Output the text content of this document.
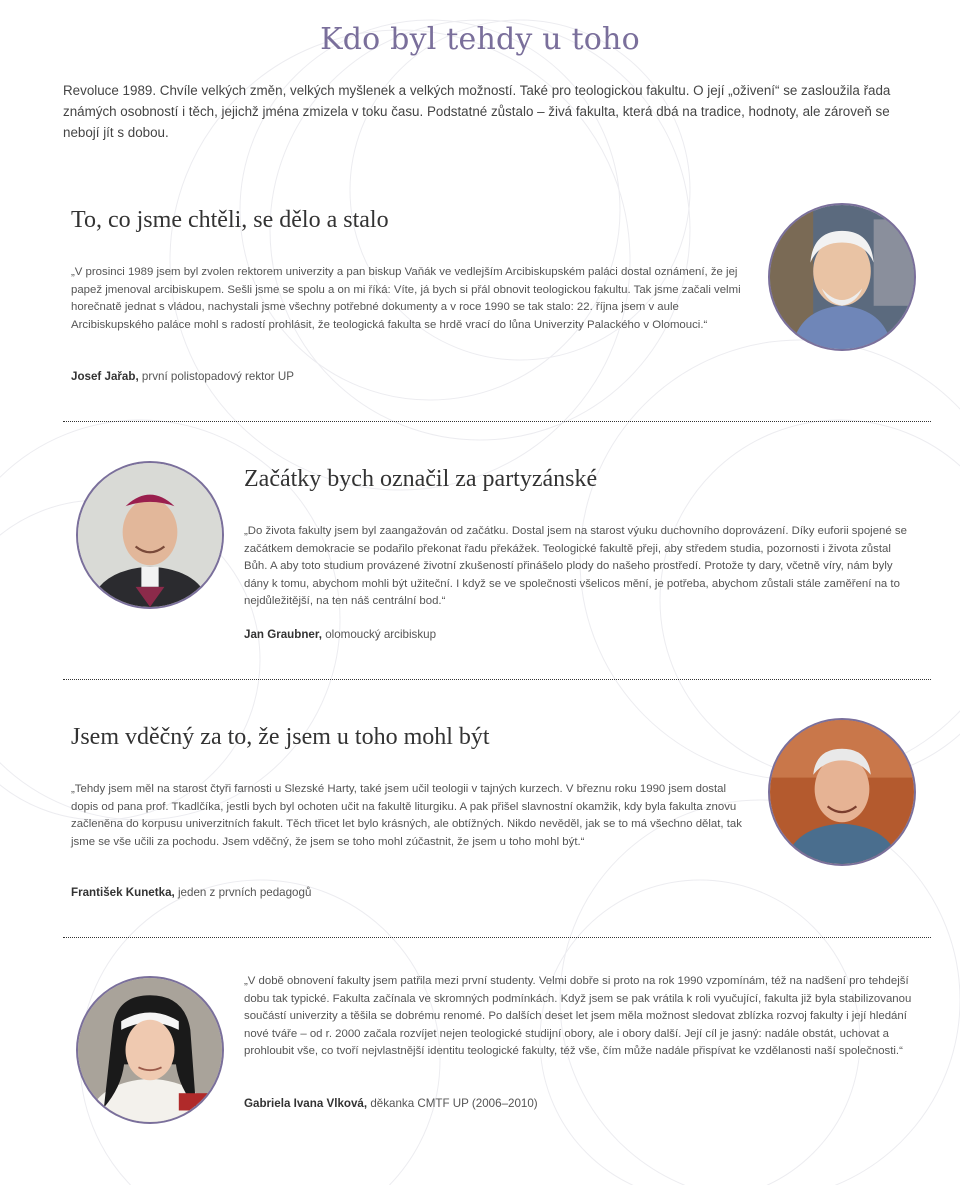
Kdo byl tehdy u toho

Revoluce 1989. Chvíle velkých změn, velkých myšlenek a velkých možností. Také pro teologickou fakultu. O její „oživení“ se zasloužila řada známých osobností i těch, jejichž jména zmizela v toku času. Podstatné zůstalo – živá fakulta, která dbá na tradice, hodnoty, ale zároveň se nebojí jít s dobou.

To, co jsme chtěli, se dělo a stalo

„V prosinci 1989 jsem byl zvolen rektorem univerzity a pan biskup Vaňák ve vedlejším Arcibiskupském paláci dostal oznámení, že jej papež jmenoval arcibiskupem. Sešli jsme se spolu a on mi říká: Víte, já bych si přál obnovit teologickou fakultu. Tak jsme začali velmi horečnatě jednat s vládou, nachystali jsme všechny potřebné dokumenty a v roce 1990 se tak stalo: 22. října jsem v aule Arcibiskupského paláce mohl s radostí prohlásit, že teologická fakulta se hrdě vrací do lůna Univerzity Palackého v Olomouci.“

Josef Jařab, první polistopadový rektor UP
Začátky bych označil za partyzánské

„Do života fakulty jsem byl zaangažován od začátku. Dostal jsem na starost výuku duchovního doprovázení. Díky euforii spojené se začátkem demokracie se podařilo překonat řadu překážek. Teologické fakultě přeji, aby středem studia, pozornosti i života zůstal Bůh. A aby toto studium provázené životní zkušeností přinášelo plody do našeho prostředí. Protože ty dary, včetně víry, nám byly dány k tomu, abychom mohli být užiteční. I když se ve společnosti všelicos mění, je potřeba, abychom zůstali stále zaměření na to nejdůležitější, na ten náš centrální bod.“

Jan Graubner, olomoucký arcibiskup
Jsem vděčný za to, že jsem u toho mohl být

„Tehdy jsem měl na starost čtyři farnosti u Slezské Harty, také jsem učil teologii v tajných kurzech. V březnu roku 1990 jsem dostal dopis od pana prof. Tkadlčíka, jestli bych byl ochoten učit na fakultě liturgiku. A pak přišel slavnostní okamžik, kdy byla fakulta znovu začleněna do korpusu univerzitních fakult. Těch třicet let bylo krásných, ale obtížných. Nikdo nevěděl, jak se to má všechno dělat, tak jsme se vše učili za pochodu. Jsem vděčný, že jsem se toho mohl zúčastnit, že jsem u toho mohl být.“

František Kunetka, jeden z prvních pedagogů

„V době obnovení fakulty jsem patřila mezi první studenty. Velmi dobře si proto na rok 1990 vzpomínám, též na nadšení pro tehdejší dobu tak typické. Fakulta začínala ve skromných podmínkách. Když jsem se pak vrátila k roli vyučující, fakulta již byla stabilizovanou součástí univerzity a těšila se dobrému renomé. Po dalších deset let jsem měla možnost sledovat zblízka rozvoj fakulty i její hledání nové tváře – od r. 2000 začala rozvíjet nejen teologické studijní obory, ale i obory další. Její cíl je jasný: nadále obstát, uchovat a prohloubit vše, co tvoří nejvlastnější identitu teologické fakulty, též vše, čím může nadále přispívat ke vzdělanosti naší společnosti.“

Gabriela Ivana Vlková, děkanka CMTF UP (2006–2010)
